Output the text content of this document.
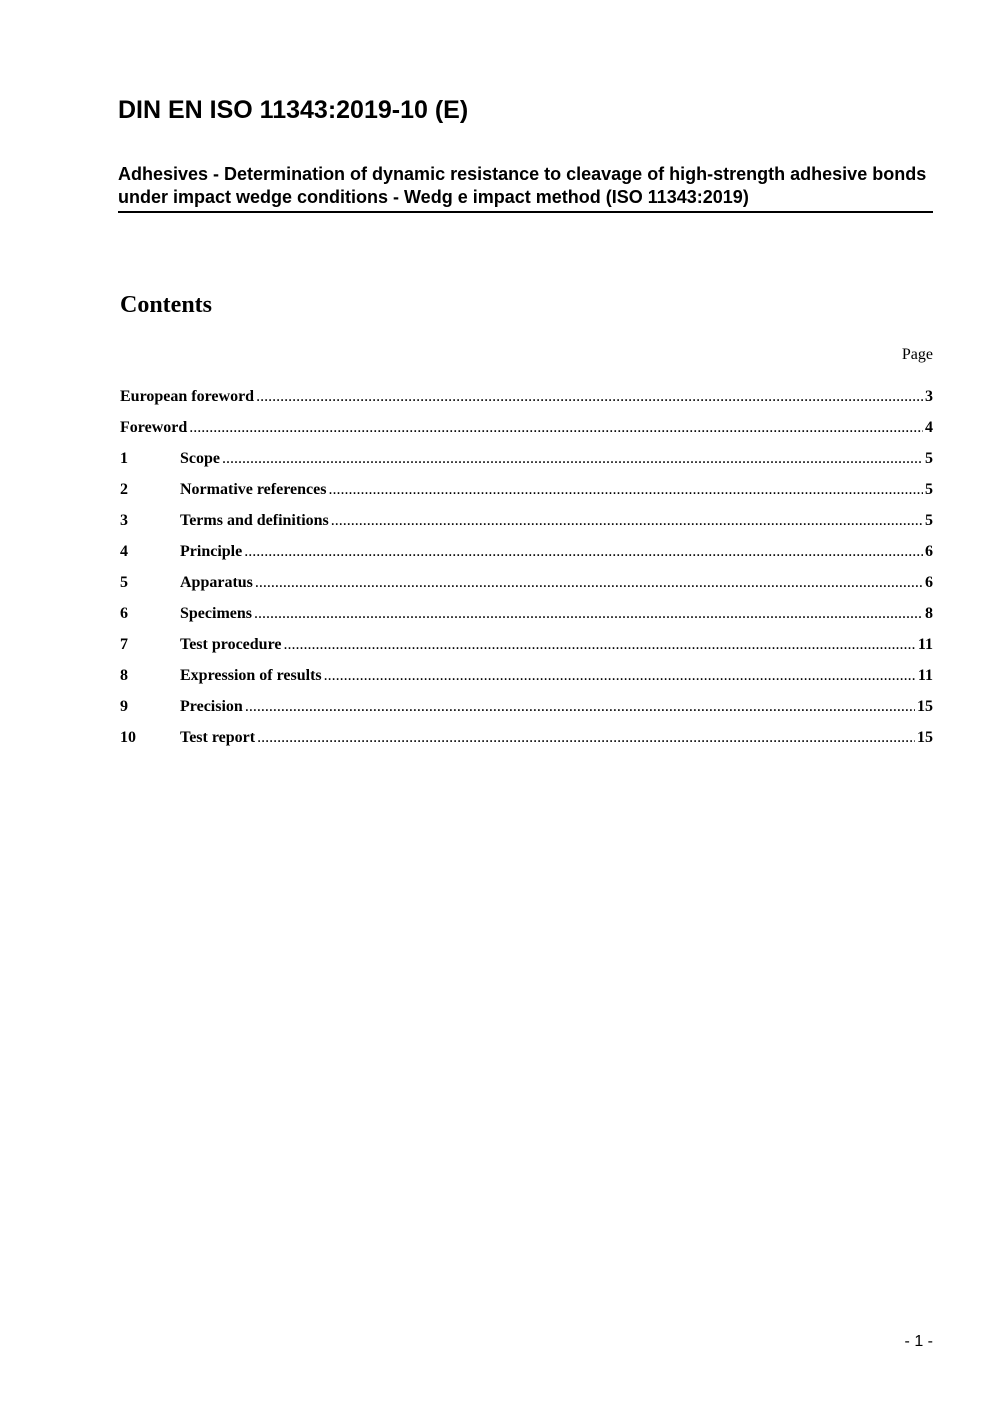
DIN EN ISO 11343:2019-10 (E)
Adhesives - Determination of dynamic resistance to cleavage of high-strength adhesive bonds under impact wedge conditions - Wedg e impact method (ISO 11343:2019)
Contents
Page
European foreword .....	3
Foreword .....	4
1	Scope .....	5
2	Normative references .....	5
3	Terms and definitions .....	5
4	Principle .....	6
5	Apparatus .....	6
6	Specimens .....	8
7	Test procedure .....	11
8	Expression of results .....	11
9	Precision .....	15
10	Test report .....	15
- 1 -
